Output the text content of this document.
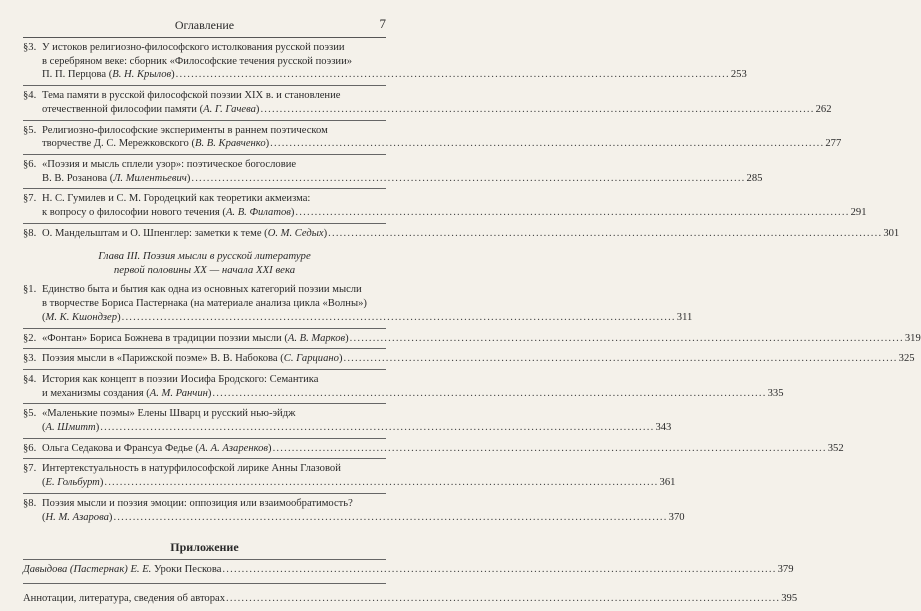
Оглавление	7
§3. У истоков религиозно-философского истолкования русской поэзии
в серебряном веке: сборник «Философские течения русской поэзии»
П. П. Перцова (В. Н. Крылов) ................................................................................................................................................ 253
§4. Тема памяти в русской философской поэзии XIX в. и становление
отечественной философии памяти (А. Г. Гачева) ................................................................................................................................................ 262
§5. Религиозно-философские эксперименты в раннем поэтическом
творчестве Д. С. Мережковского (В. В. Кравченко) ................................................................................................................................................ 277
§6. «Поэзия и мысль сплели узор»: поэтическое богословие
В. В. Розанова (Л. Милентьевич) ................................................................................................................................................ 285
§7. Н. С. Гумилев и С. М. Городецкий как теоретики акмеизма:
к вопросу о философии нового течения (А. В. Филатов) ................................................................................................................................................ 291
§8. О. Мандельштам и О. Шпенглер: заметки к теме (О. М. Седых) ................................................................................................................................................ 301
Глава III. Поэзия мысли в русской литературе
первой половины XX — начала XXI века
§1. Единство быта и бытия как одна из основных категорий поэзии мысли
в творчестве Бориса Пастернака (на материале анализа цикла «Волны»)
(М. К. Кшондзер) ................................................................................................................................................ 311
§2. «Фонтан» Бориса Божнева в традиции поэзии мысли (А. В. Марков) ................................................................................................................................................ 319
§3. Поэзия мысли в «Парижской поэме» В. В. Набокова (С. Гарциано) ................................................................................................................................................ 325
§4. История как концепт в поэзии Иосифа Бродского: Семантика
и механизмы создания (А. М. Ранчин) ................................................................................................................................................ 335
§5. «Маленькие поэмы» Елены Шварц и русский нью-эйдж
(А. Шмитт) ................................................................................................................................................ 343
§6. Ольга Седакова и Франсуа Федье (А. А. Азаренков) ................................................................................................................................................ 352
§7. Интертекстуальность в натурфилософской лирике Анны Глазовой
(Е. Гольбурт) ................................................................................................................................................ 361
§8. Поэзия мысли и поэзия эмоции: оппозиция или взаимообратимость?
(Н. М. Азарова) ................................................................................................................................................ 370
Приложение
Давыдова (Пастернак) Е. Е. Уроки Пескова ................................................................................................................................................ 379
Аннотации, литература, сведения об авторах ................................................................................................................................................ 395
